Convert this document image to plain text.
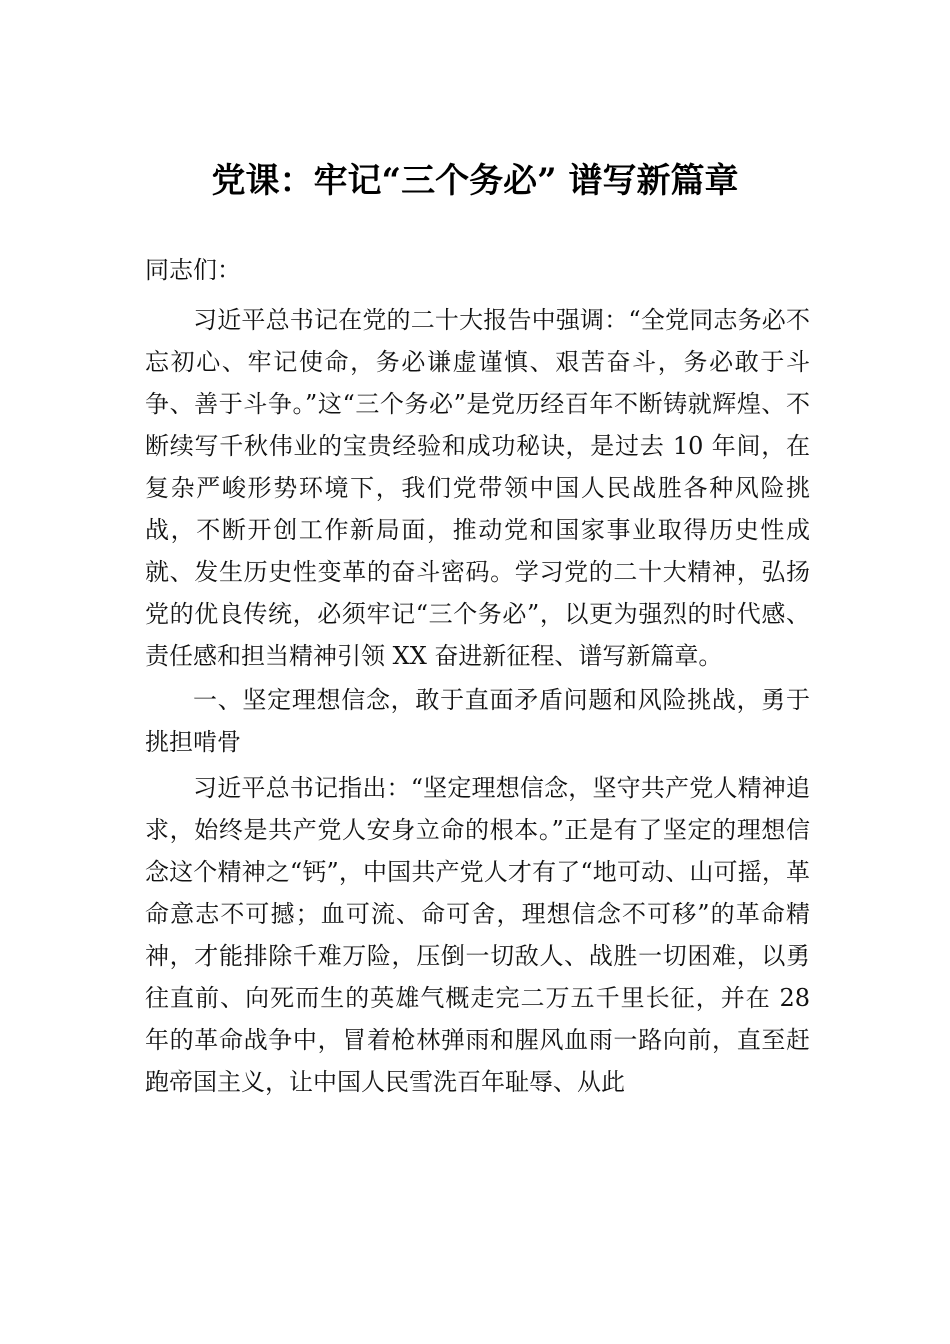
党课：牢记“三个务必” 谱写新篇章

同志们：

习近平总书记在党的二十大报告中强调：“全党同志务必不忘初心、牢记使命，务必谦虚谨慎、艰苦奋斗，务必敢于斗争、善于斗争。”这“三个务必”是党历经百年不断铸就辉煌、不断续写千秋伟业的宝贵经验和成功秘诀，是过去 10 年间，在复杂严峻形势环境下，我们党带领中国人民战胜各种风险挑战，不断开创工作新局面，推动党和国家事业取得历史性成就、发生历史性变革的奋斗密码。学习党的二十大精神，弘扬党的优良传统，必须牢记“三个务必”，以更为强烈的时代感、责任感和担当精神引领 XX 奋进新征程、谱写新篇章。

一、坚定理想信念，敢于直面矛盾问题和风险挑战，勇于挑担啃骨

习近平总书记指出：“坚定理想信念，坚守共产党人精神追求，始终是共产党人安身立命的根本。”正是有了坚定的理想信念这个精神之“钙”，中国共产党人才有了“地可动、山可摇，革命意志不可撼；血可流、命可舍，理想信念不可移”的革命精神，才能排除千难万险，压倒一切敌人、战胜一切困难，以勇往直前、向死而生的英雄气概走完二万五千里长征，并在 28 年的革命战争中，冒着枪林弹雨和腥风血雨一路向前，直至赶跑帝国主义，让中国人民雪洗百年耻辱、从此
